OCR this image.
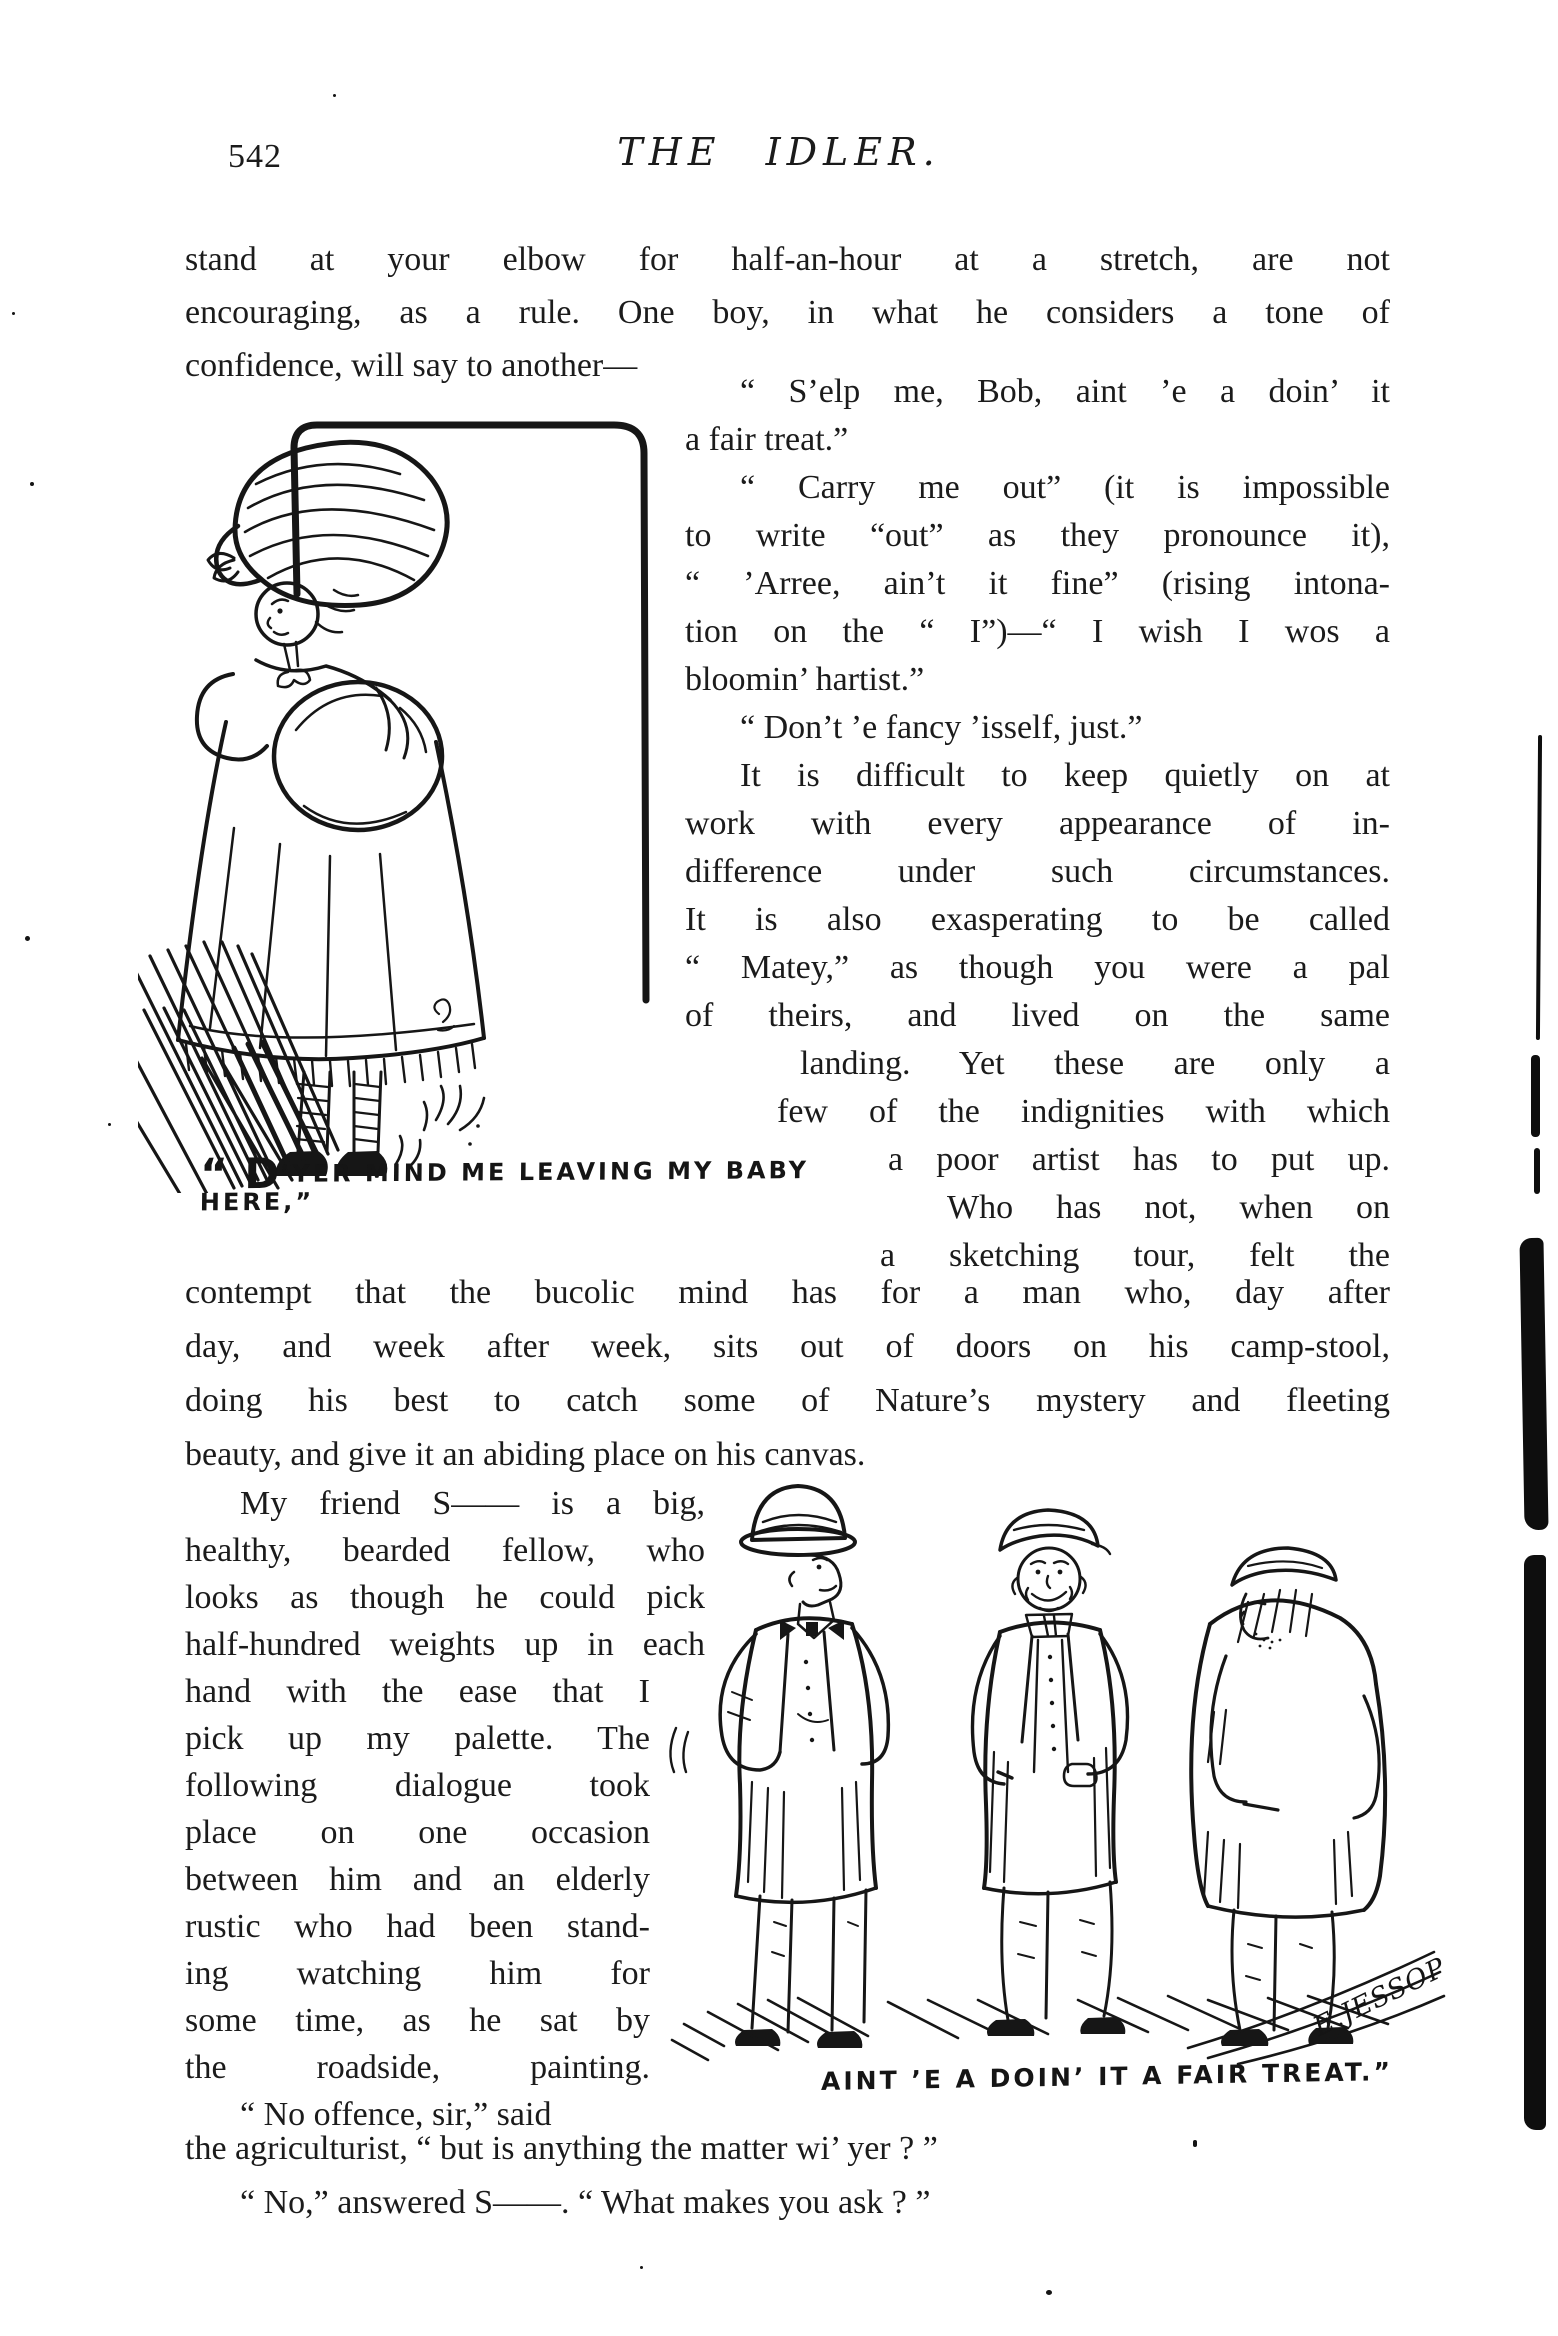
542	THE IDLER.
stand at your elbow for half-an-hour at a stretch, are not
encouraging, as a rule. One boy, in what he considers a tone of
confidence, will say to another—
“ S’elp me, Bob, aint ’e a doin’ it
a fair treat.”
“ Carry me out” (it is impossible
to write “out” as they pronounce it),
“ ’Arree, ain’t it fine” (rising intona-
tion on the “ I”)—“ I wish I wos a
bloomin’ hartist.”
“ Don’t ’e fancy ’isself, just.”
It is difficult to keep quietly on at
work with every appearance of in-
difference under such circumstances.
It is also exasperating to be called
“ Matey,” as though you were a pal
of theirs, and lived on the same
landing. Yet these are only a
few of the indignities with which
a poor artist has to put up.
Who has not, when on
a sketching tour, felt the
“ D’YER MIND ME LEAVING MY BABY HERE,”
contempt that the bucolic mind has for a man who, day after
day, and week after week, sits out of doors on his camp-stool,
doing his best to catch some of Nature’s mystery and fleeting
beauty, and give it an abiding place on his canvas.
My friend S—— is a big,
healthy, bearded fellow, who
looks as though he could pick
half-hundred weights up in each
hand with the ease that I
pick up my palette. The
following dialogue took
place on one occasion
between him and an elderly
rustic who had been stand-
ing watching him for
some time, as he sat by
the roadside, painting.
“ No offence, sir,” said
AINT ’E A DOIN’ IT A FAIR TREAT.”
E.JESSOP
the agriculturist, “ but is anything the matter wi’ yer ? ”
“ No,” answered S——. “ What makes you ask ? ”
